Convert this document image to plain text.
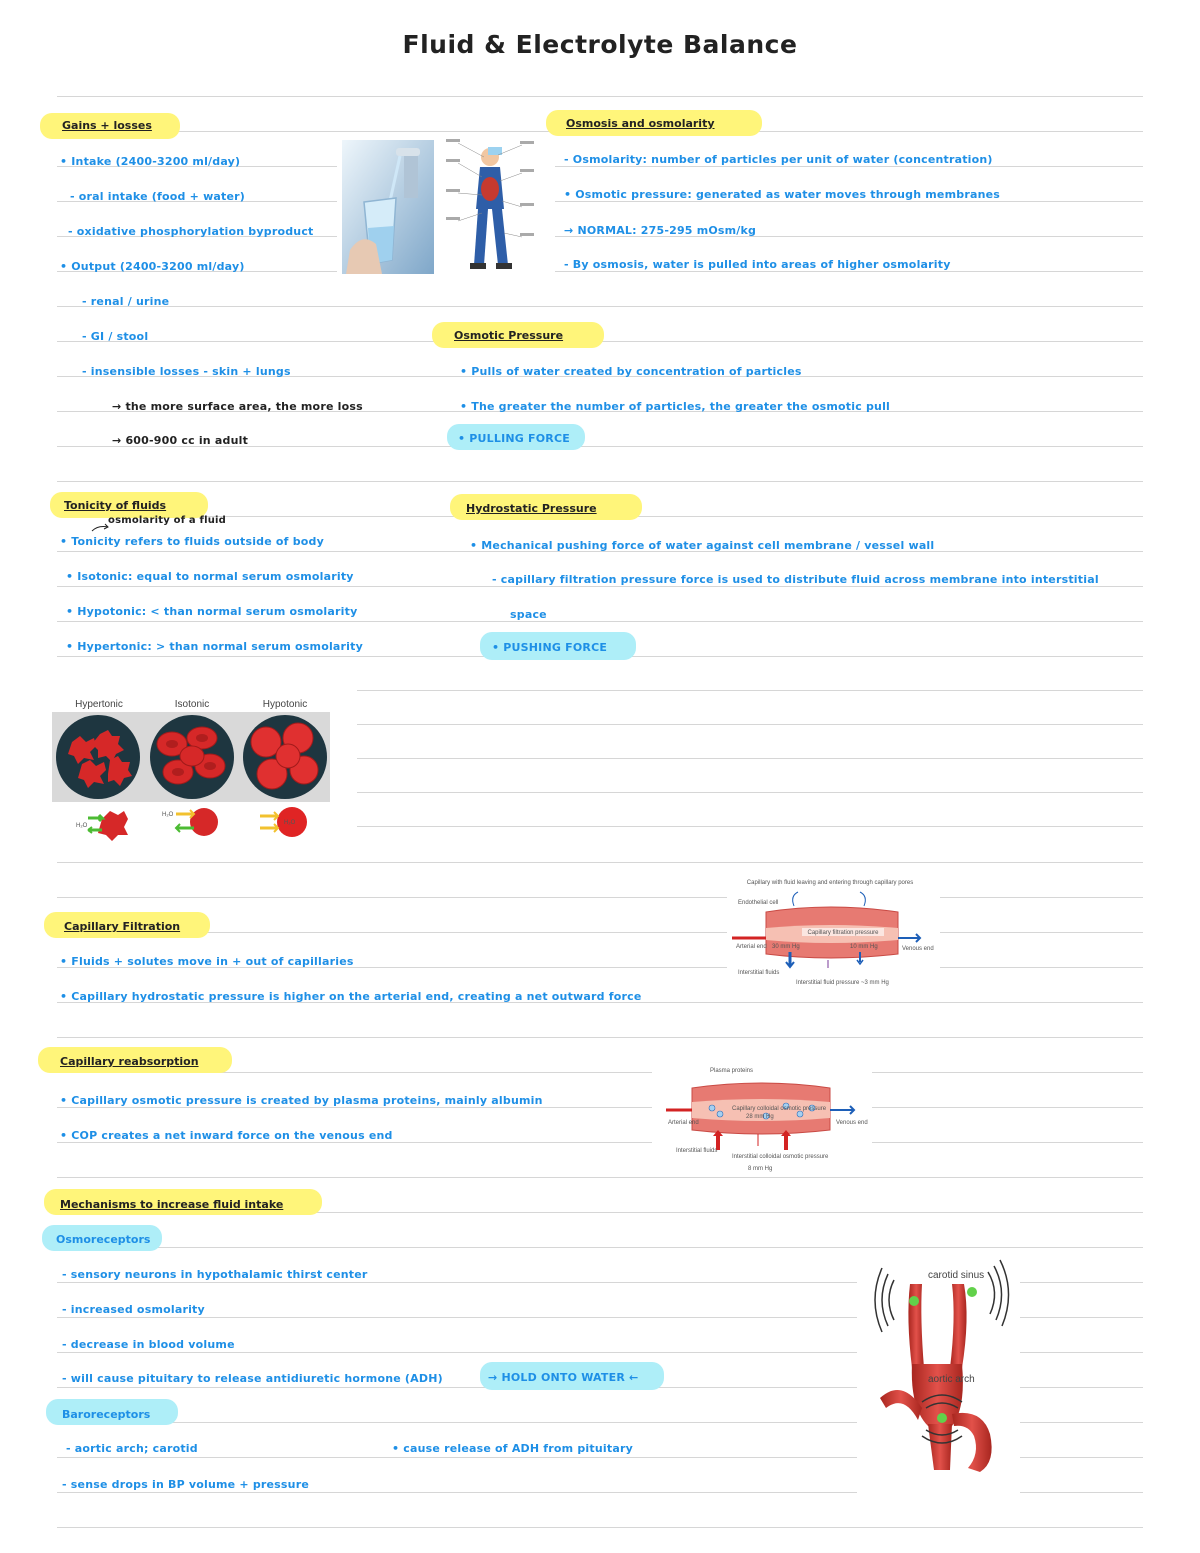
Fluid & Electrolyte Balance
Gains + losses
• Intake (2400-3200 ml/day)
- oral intake (food + water)
- oxidative phosphorylation byproduct
• Output (2400-3200 ml/day)
- renal / urine
- GI / stool
- insensible losses - skin + lungs
→ the more surface area, the more loss
→ 600-900 cc in adult
Osmosis and osmolarity
- Osmolarity: number of particles per unit of water (concentration)
• Osmotic pressure: generated as water moves through membranes
→ NORMAL: 275-295 mOsm/kg
- By osmosis, water is pulled into areas of higher osmolarity
Osmotic Pressure
• Pulls of water created by concentration of particles
• The greater the number of particles, the greater the osmotic pull
• PULLING FORCE
Tonicity of fluids
osmolarity of a fluid
• Tonicity refers to fluids outside of body
• Isotonic: equal to normal serum osmolarity
• Hypotonic: < than normal serum osmolarity
• Hypertonic: > than normal serum osmolarity
Hydrostatic Pressure
• Mechanical pushing force of water against cell membrane / vessel wall
- capillary filtration pressure force is used to distribute fluid across membrane into interstitial
space
• PUSHING FORCE
Hypertonic	Isotonic	Hypotonic
H₂O
H₂O
H₂O
Capillary Filtration
• Fluids + solutes move in + out of capillaries
• Capillary hydrostatic pressure is higher on the arterial end, creating a net outward force
Capillary with fluid leaving and entering through capillary pores
Endothelial cell
Capillary filtration pressure
Arterial end	Venous end
30 mm Hg	10 mm Hg
Interstitial fluids
Interstitial fluid pressure ~3 mm Hg
Capillary reabsorption
• Capillary osmotic pressure is created by plasma proteins, mainly albumin
• COP creates a net inward force on the venous end
Plasma proteins
Capillary colloidal osmotic pressure
28 mm Hg
Arterial end	Venous end
Interstitial fluids
Interstitial colloidal osmotic pressure
8 mm Hg
Mechanisms to increase fluid intake
Osmoreceptors
- sensory neurons in hypothalamic thirst center
- increased osmolarity
- decrease in blood volume
- will cause pituitary to release antidiuretic hormone (ADH)	→ HOLD ONTO WATER ←
Baroreceptors
- aortic arch; carotid	• cause release of ADH from pituitary
- sense drops in BP volume + pressure
carotid sinus
aortic arch
